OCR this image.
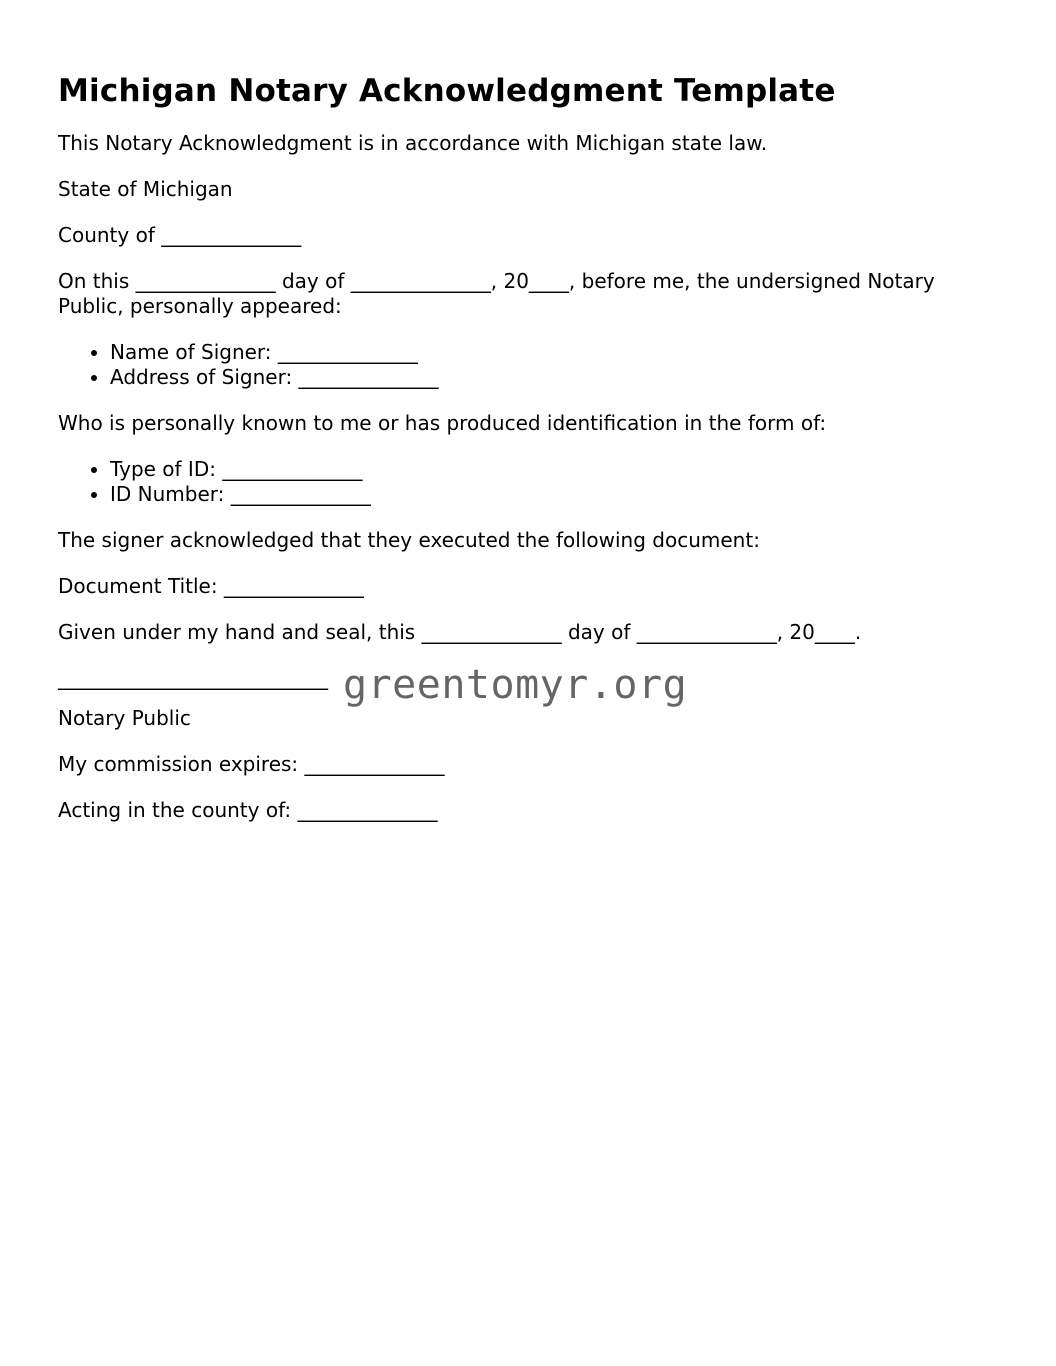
Michigan Notary Acknowledgment Template

This Notary Acknowledgment is in accordance with Michigan state law.

State of Michigan

County of ______________

On this ______________ day of ______________, 20____, before me, the undersigned Notary Public, personally appeared:

• Name of Signer: ______________
• Address of Signer: ______________

Who is personally known to me or has produced identification in the form of:

• Type of ID: ______________
• ID Number: ______________

The signer acknowledged that they executed the following document:

Document Title: ______________

Given under my hand and seal, this ______________ day of ______________, 20____.

___________________________

Notary Public

My commission expires: ______________

Acting in the county of: ______________

greentomyr.org
